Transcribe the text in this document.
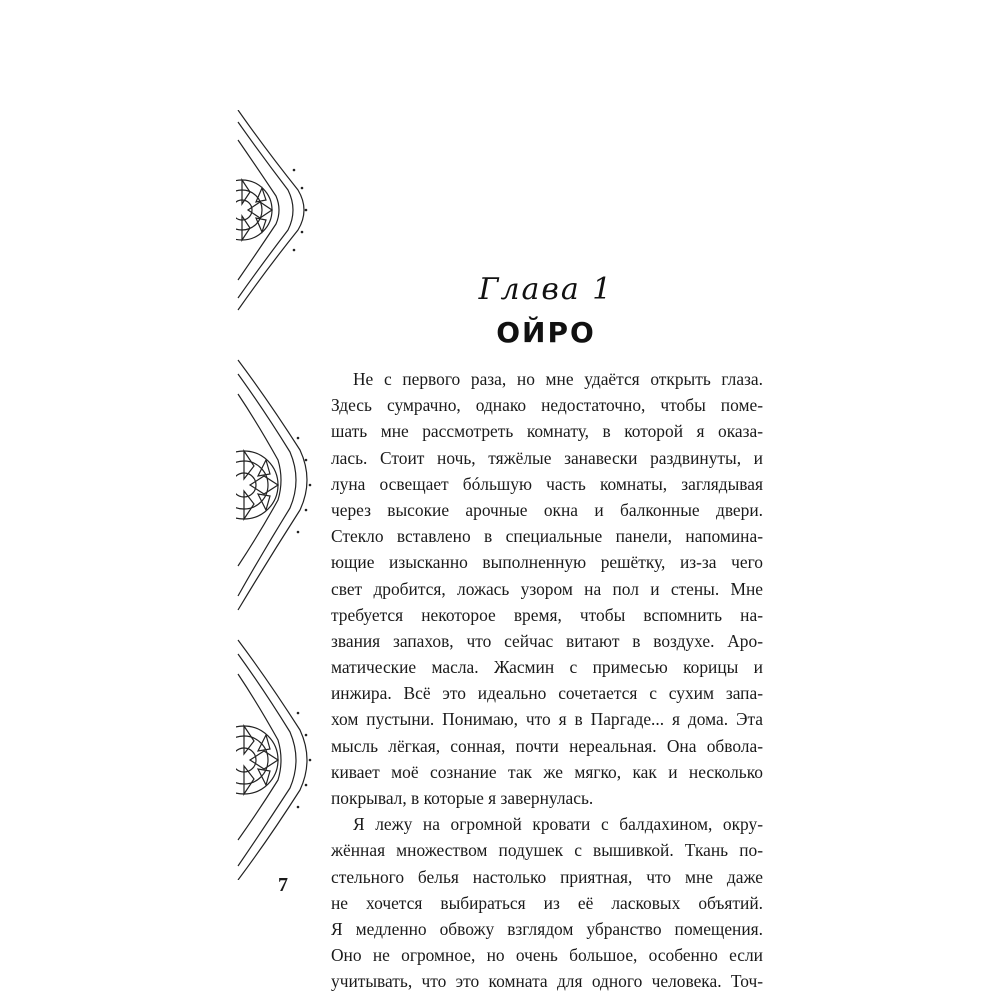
Глава 1
ОЙРО
Не с первого раза, но мне удаётся открыть глаза.
Здесь сумрачно, однако недостаточно, чтобы поме-
шать мне рассмотреть комнату, в которой я оказа-
лась. Стоит ночь, тяжёлые занавески раздвинуты, и
луна освещает бóльшую часть комнаты, заглядывая
через высокие арочные окна и балконные двери.
Стекло вставлено в специальные панели, напомина-
ющие изысканно выполненную решётку, из-за чего
свет дробится, ложась узором на пол и стены. Мне
требуется некоторое время, чтобы вспомнить на-
звания запахов, что сейчас витают в воздухе. Аро-
матические масла. Жасмин с примесью корицы и
инжира. Всё это идеально сочетается с сухим запа-
хом пустыни. Понимаю, что я в Паргаде... я дома. Эта
мысль лёгкая, сонная, почти нереальная. Она обвола-
кивает моё сознание так же мягко, как и несколько
покрывал, в которые я завернулась.
Я лежу на огромной кровати с балдахином, окру-
жённая множеством подушек с вышивкой. Ткань по-
стельного белья настолько приятная, что мне даже
не хочется выбираться из её ласковых объятий.
Я медленно обвожу взглядом убранство помещения.
Оно не огромное, но очень большое, особенно если
учитывать, что это комната для одного человека. Точ-
7
